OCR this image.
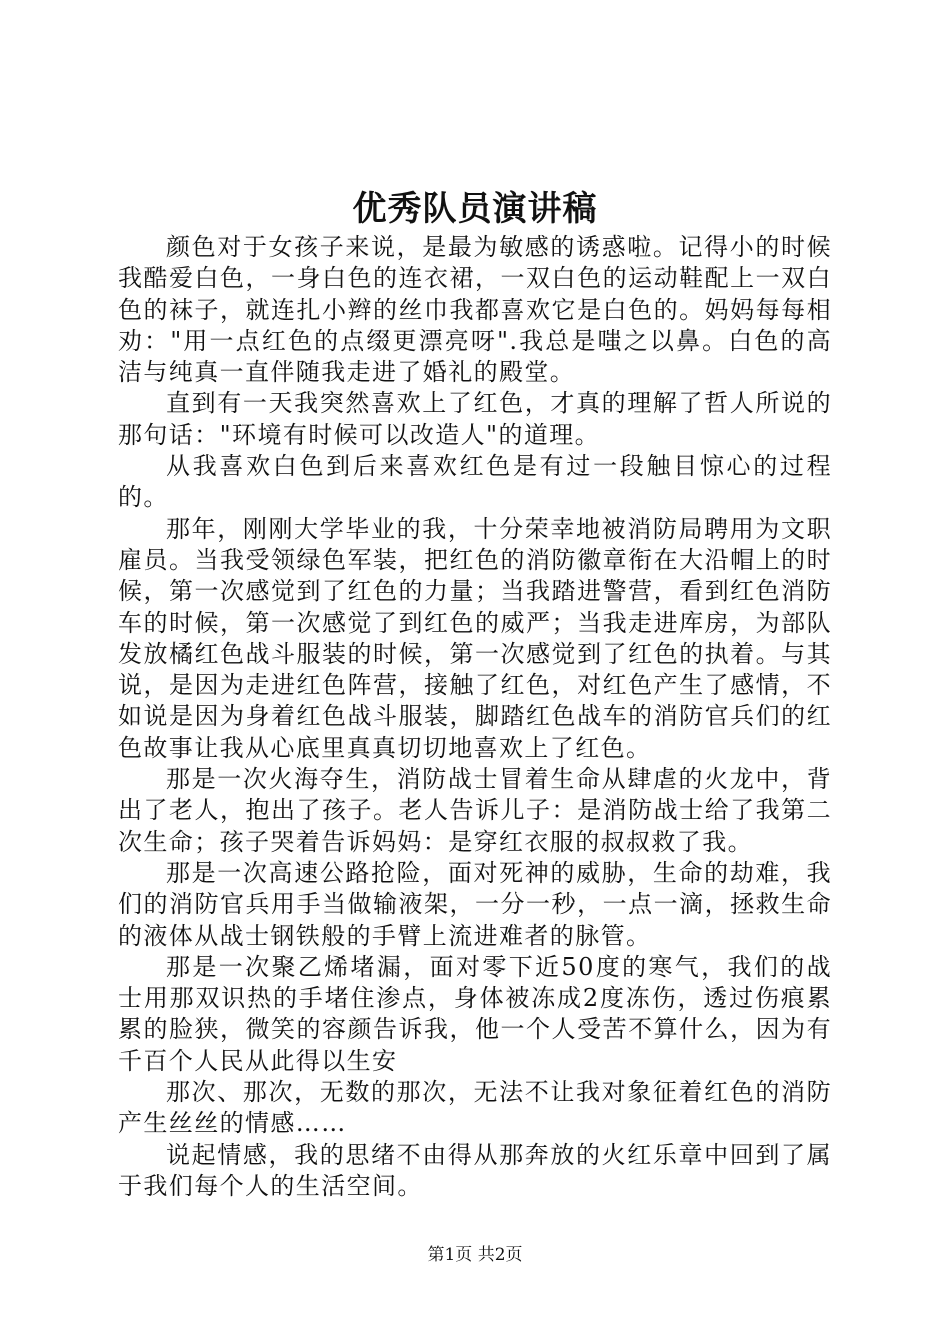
优秀队员演讲稿

颜色对于女孩子来说，是最为敏感的诱惑啦。记得小的时候我酷爱白色，一身白色的连衣裙，一双白色的运动鞋配上一双白色的袜子，就连扎小辫的丝巾我都喜欢它是白色的。妈妈每每相劝："用一点红色的点缀更漂亮呀".我总是嗤之以鼻。白色的高洁与纯真一直伴随我走进了婚礼的殿堂。

直到有一天我突然喜欢上了红色，才真的理解了哲人所说的那句话："环境有时候可以改造人"的道理。

从我喜欢白色到后来喜欢红色是有过一段触目惊心的过程的。

那年，刚刚大学毕业的我，十分荣幸地被消防局聘用为文职雇员。当我受领绿色军装，把红色的消防徽章衔在大沿帽上的时候，第一次感觉到了红色的力量；当我踏进警营，看到红色消防车的时候，第一次感觉了到红色的威严；当我走进库房，为部队发放橘红色战斗服装的时候，第一次感觉到了红色的执着。与其说，是因为走进红色阵营，接触了红色，对红色产生了感情，不如说是因为身着红色战斗服装，脚踏红色战车的消防官兵们的红色故事让我从心底里真真切切地喜欢上了红色。

那是一次火海夺生，消防战士冒着生命从肆虐的火龙中，背出了老人，抱出了孩子。老人告诉儿子：是消防战士给了我第二次生命；孩子哭着告诉妈妈：是穿红衣服的叔叔救了我。

那是一次高速公路抢险，面对死神的威胁，生命的劫难，我们的消防官兵用手当做输液架，一分一秒，一点一滴，拯救生命的液体从战士钢铁般的手臂上流进难者的脉管。

那是一次聚乙烯堵漏，面对零下近50度的寒气，我们的战士用那双识热的手堵住渗点，身体被冻成2度冻伤，透过伤痕累累的脸狭，微笑的容颜告诉我，他一个人受苦不算什么，因为有千百个人民从此得以生安

那次、那次，无数的那次，无法不让我对象征着红色的消防产生丝丝的情感……

说起情感，我的思绪不由得从那奔放的火红乐章中回到了属于我们每个人的生活空间。

第1页 共2页
